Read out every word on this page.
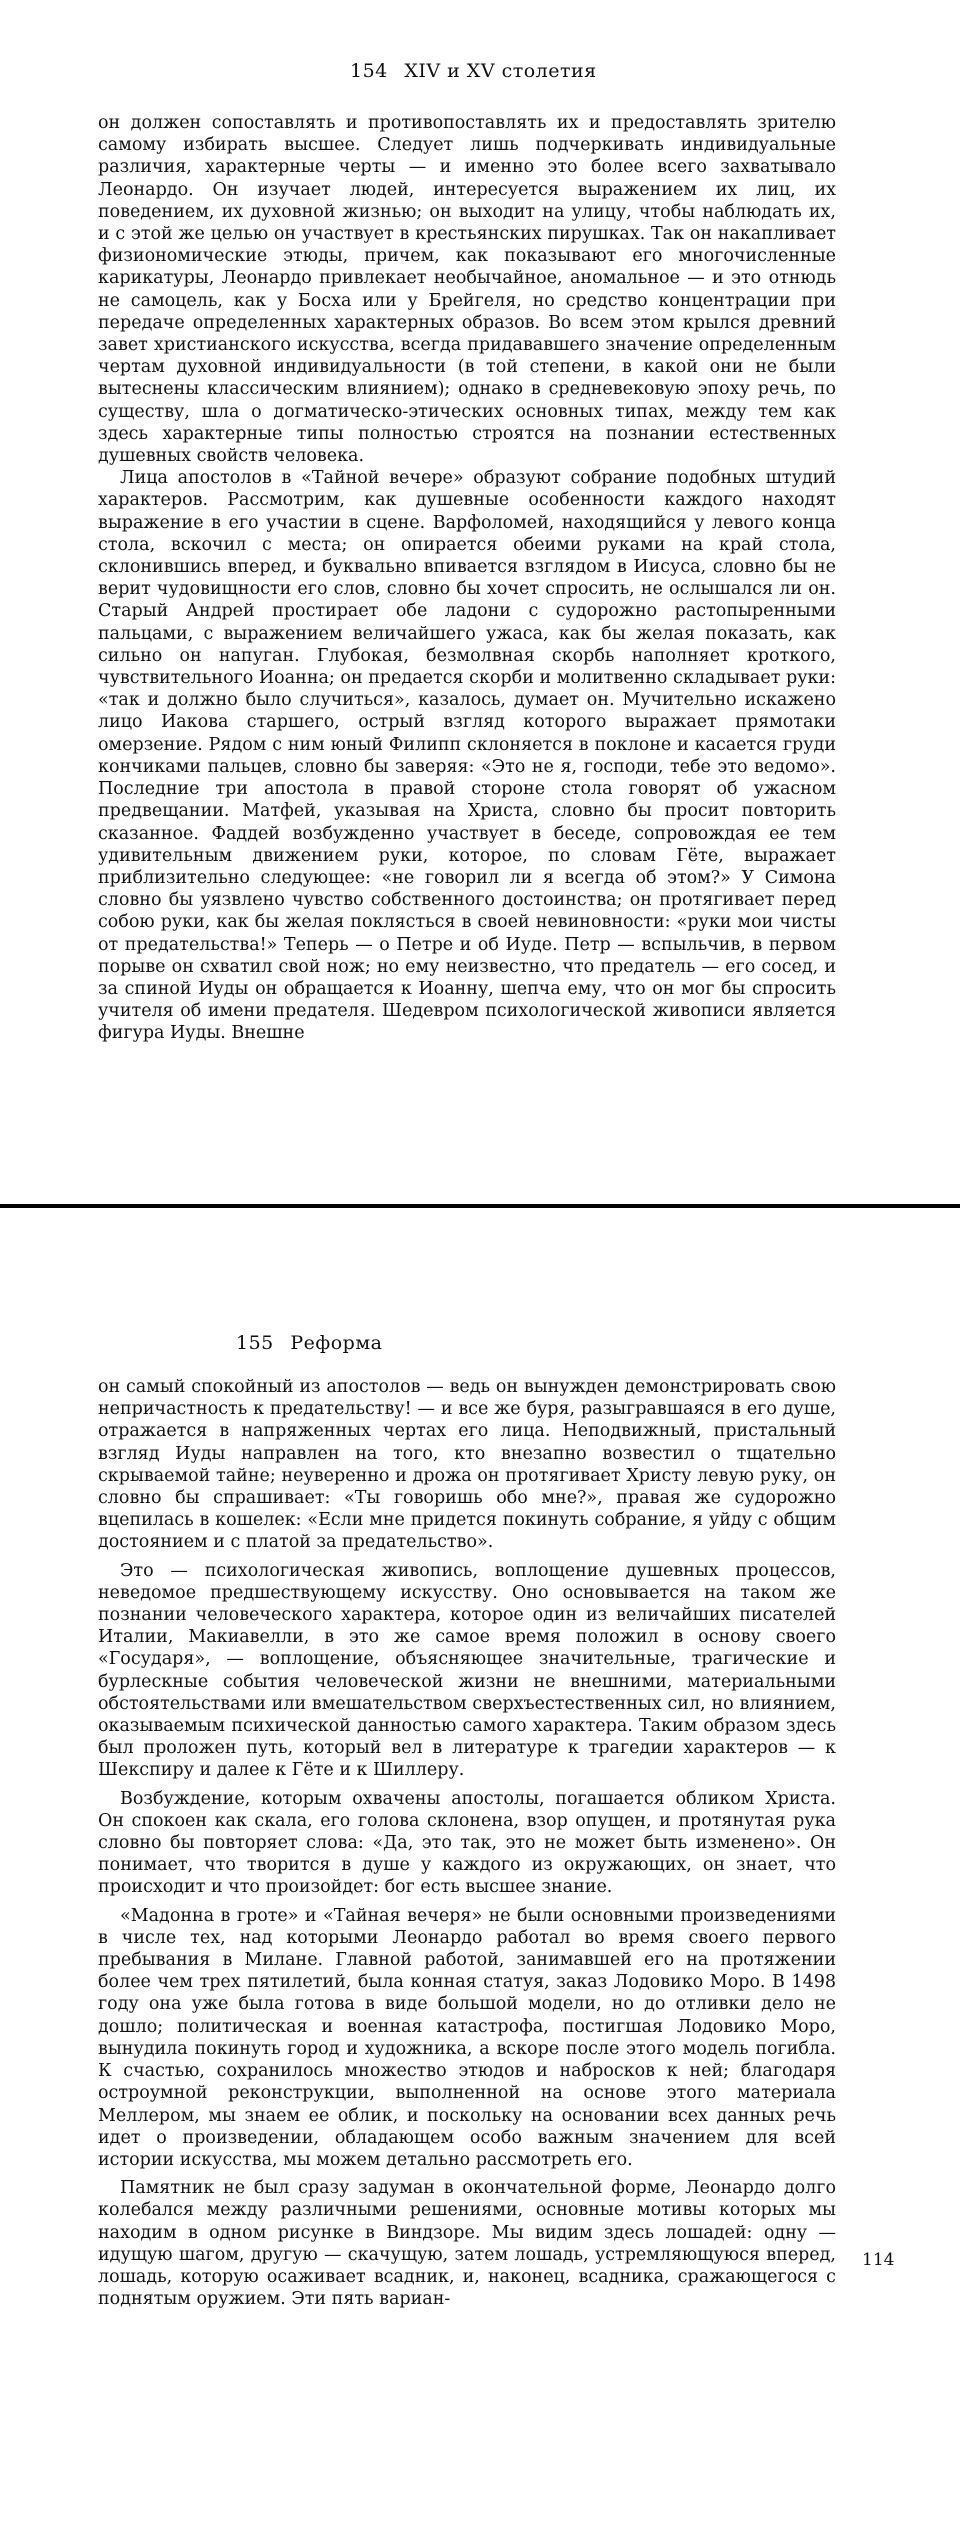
154 XIV и XV столетия

он должен сопоставлять и противопоставлять их и предоставлять зрителю самому избирать высшее. Следует лишь подчеркивать индивидуальные различия, характерные черты — и именно это более всего захватывало Леонардо. Он изучает людей, интересуется выражением их лиц, их поведением, их духовной жизнью; он выходит на улицу, чтобы наблюдать их, и с этой же целью он участвует в крестьянских пирушках. Так он накапливает физиономические этюды, причем, как показывают его многочисленные карикатуры, Леонардо привлекает необычайное, аномальное — и это отнюдь не самоцель, как у Босха или у Брейгеля, но средство концентрации при передаче определенных характерных образов. Во всем этом крылся древний завет христианского искусства, всегда придававшего значение определенным чертам духовной индивидуальности (в той степени, в какой они не были вытеснены классическим влиянием); однако в средневековую эпоху речь, по существу, шла о догматическо-этических основных типах, между тем как здесь характерные типы полностью строятся на познании естественных душевных свойств человека.

Лица апостолов в «Тайной вечере» образуют собрание подобных штудий характеров. Рассмотрим, как душевные особенности каждого находят выражение в его участии в сцене. Варфоломей, находящийся у левого конца стола, вскочил с места; он опирается обеими руками на край стола, склонившись вперед, и буквально впивается взглядом в Иисуса, словно бы не верит чудовищности его слов, словно бы хочет спросить, не ослышался ли он. Старый Андрей простирает обе ладони с судорожно растопыренными пальцами, с выражением величайшего ужаса, как бы желая показать, как сильно он напуган. Глубокая, безмолвная скорбь наполняет кроткого, чувствительного Иоанна; он предается скорби и молитвенно складывает руки: «так и должно было случиться», казалось, думает он. Мучительно искажено лицо Иакова старшего, острый взгляд которого выражает прямотаки омерзение. Рядом с ним юный Филипп склоняется в поклоне и касается груди кончиками пальцев, словно бы заверяя: «Это не я, господи, тебе это ведомо». Последние три апостола в правой стороне стола говорят об ужасном предвещании. Матфей, указывая на Христа, словно бы просит повторить сказанное. Фаддей возбужденно участвует в беседе, сопровождая ее тем удивительным движением руки, которое, по словам Гёте, выражает приблизительно следующее: «не говорил ли я всегда об этом?» У Симона словно бы уязвлено чувство собственного достоинства; он протягивает перед собою руки, как бы желая поклясться в своей невиновности: «руки мои чисты от предательства!» Теперь — о Петре и об Иуде. Петр — вспыльчив, в первом порыве он схватил свой нож; но ему неизвестно, что предатель — его сосед, и за спиной Иуды он обращается к Иоанну, шепча ему, что он мог бы спросить учителя об имени предателя. Шедевром психологической живописи является фигура Иуды. Внешне

155 Реформа

он самый спокойный из апостолов — ведь он вынужден демонстрировать свою непричастность к предательству! — и все же буря, разыгравшаяся в его душе, отражается в напряженных чертах его лица. Неподвижный, пристальный взгляд Иуды направлен на того, кто внезапно возвестил о тщательно скрываемой тайне; неуверенно и дрожа он протягивает Христу левую руку, он словно бы спрашивает: «Ты говоришь обо мне?», правая же судорожно вцепилась в кошелек: «Если мне придется покинуть собрание, я уйду с общим достоянием и с платой за предательство».

Это — психологическая живопись, воплощение душевных процессов, неведомое предшествующему искусству. Оно основывается на таком же познании человеческого характера, которое один из величайших писателей Италии, Макиавелли, в это же самое время положил в основу своего «Государя», — воплощение, объясняющее значительные, трагические и бурлескные события человеческой жизни не внешними, материальными обстоятельствами или вмешательством сверхъестественных сил, но влиянием, оказываемым психической данностью самого характера. Таким образом здесь был проложен путь, который вел в литературе к трагедии характеров — к Шекспиру и далее к Гёте и к Шиллеру.

Возбуждение, которым охвачены апостолы, погашается обликом Христа. Он спокоен как скала, его голова склонена, взор опущен, и протянутая рука словно бы повторяет слова: «Да, это так, это не может быть изменено». Он понимает, что творится в душе у каждого из окружающих, он знает, что происходит и что произойдет: бог есть высшее знание.

«Мадонна в гроте» и «Тайная вечеря» не были основными произведениями в числе тех, над которыми Леонардо работал во время своего первого пребывания в Милане. Главной работой, занимавшей его на протяжении более чем трех пятилетий, была конная статуя, заказ Лодовико Моро. В 1498 году она уже была готова в виде большой модели, но до отливки дело не дошло; политическая и военная катастрофа, постигшая Лодовико Моро, вынудила покинуть город и художника, а вскоре после этого модель погибла. К счастью, сохранилось множество этюдов и набросков к ней; благодаря остроумной реконструкции, выполненной на основе этого материала Меллером, мы знаем ее облик, и поскольку на основании всех данных речь идет о произведении, обладающем особо важным значением для всей истории искусства, мы можем детально рассмотреть его.

Памятник не был сразу задуман в окончательной форме, Леонардо долго колебался между различными решениями, основные мотивы которых мы находим в одном рисунке в Виндзоре. Мы видим здесь лошадей: одну — идущую шагом, другую — скачущую, затем лошадь, устремляющуюся вперед, лошадь, которую осаживает всадник, и, наконец, всадника, сражающегося с поднятым оружием. Эти пять вариан-

114
